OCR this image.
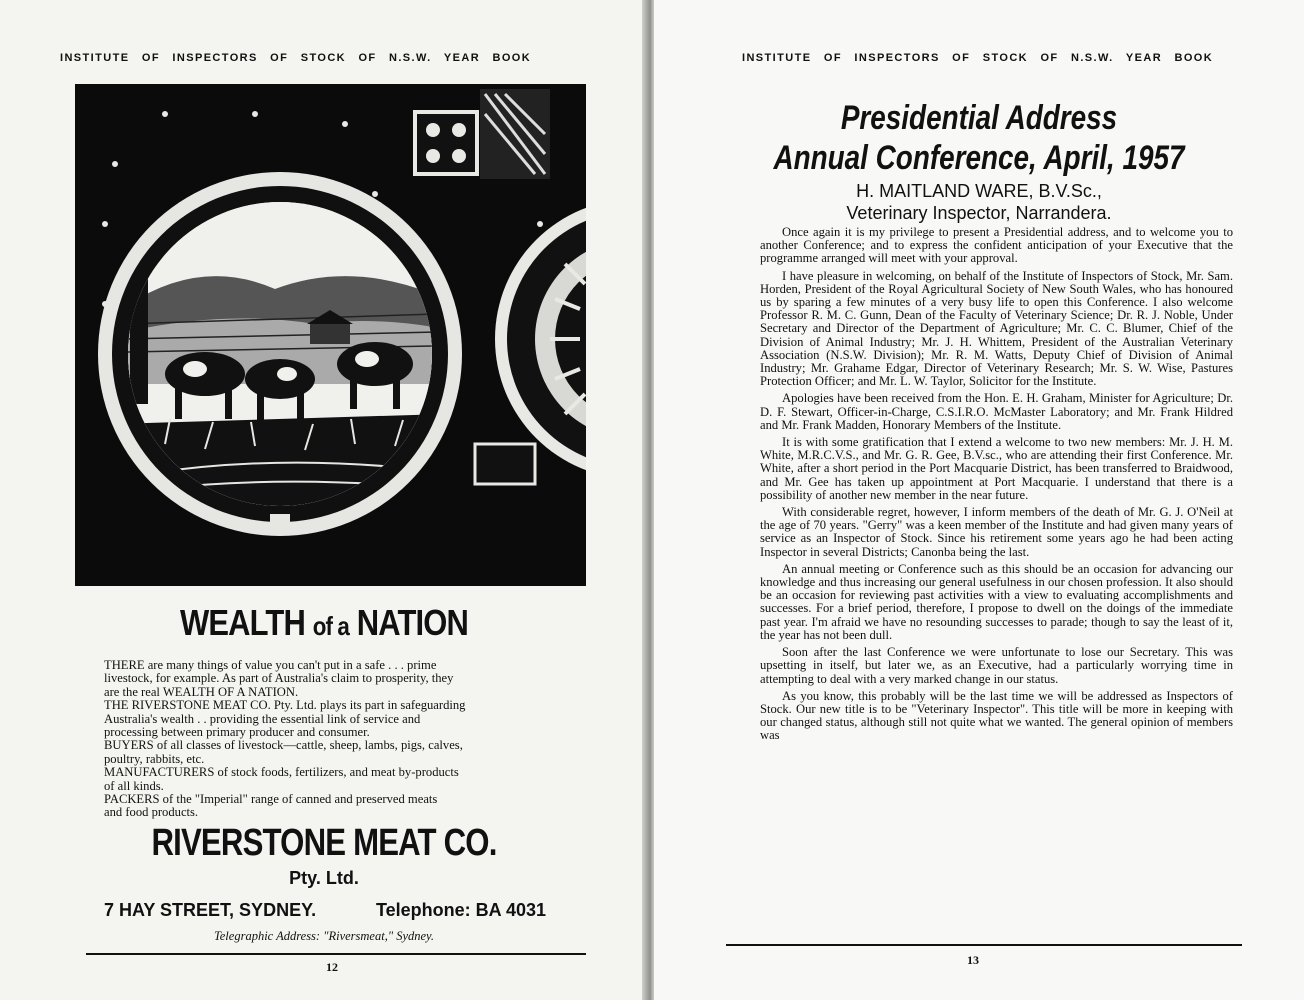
INSTITUTE OF INSPECTORS OF STOCK OF N.S.W. YEAR BOOK
WEALTH of a NATION

THERE are many things of value you can't put in a safe . . . prime

livestock, for example. As part of Australia's claim to prosperity, they

are the real WEALTH OF A NATION.

THE RIVERSTONE MEAT CO. Pty. Ltd. plays its part in safeguarding

Australia's wealth . . providing the essential link of service and

processing between primary producer and consumer.

BUYERS of all classes of livestock—cattle, sheep, lambs, pigs, calves,

poultry, rabbits, etc.

MANUFACTURERS of stock foods, fertilizers, and meat by-products

of all kinds.

PACKERS of the "Imperial" range of canned and preserved meats

and food products.

RIVERSTONE MEAT CO.
Pty. Ltd.
7 HAY STREET, SYDNEY.	Telephone: BA 4031
Telegraphic Address: "Riversmeat," Sydney.
12
INSTITUTE OF INSPECTORS OF STOCK OF N.S.W. YEAR BOOK
Presidential Address
Annual Conference, April, 1957
H. MAITLAND WARE, B.V.Sc.,
Veterinary Inspector, Narrandera.

Once again it is my privilege to present a Presidential address, and to welcome you to another Conference; and to express the confident anticipation of your Executive that the programme arranged will meet with your approval.

I have pleasure in welcoming, on behalf of the Institute of Inspectors of Stock, Mr. Sam. Horden, President of the Royal Agricultural Society of New South Wales, who has honoured us by sparing a few minutes of a very busy life to open this Conference. I also welcome Professor R. M. C. Gunn, Dean of the Faculty of Veterinary Science; Dr. R. J. Noble, Under Secretary and Director of the Department of Agriculture; Mr. C. C. Blumer, Chief of the Division of Animal Industry; Mr. J. H. Whittem, President of the Australian Veterinary Association (N.S.W. Division); Mr. R. M. Watts, Deputy Chief of Division of Animal Industry; Mr. Grahame Edgar, Director of Veterinary Research; Mr. S. W. Wise, Pastures Protection Officer; and Mr. L. W. Taylor, Solicitor for the Institute.

Apologies have been received from the Hon. E. H. Graham, Minister for Agriculture; Dr. D. F. Stewart, Officer-in-Charge, C.S.I.R.O. McMaster Laboratory; and Mr. Frank Hildred and Mr. Frank Madden, Honorary Members of the Institute.

It is with some gratification that I extend a welcome to two new members: Mr. J. H. M. White, M.R.C.V.S., and Mr. G. R. Gee, B.V.sc., who are attending their first Conference. Mr. White, after a short period in the Port Macquarie District, has been transferred to Braidwood, and Mr. Gee has taken up appointment at Port Macquarie. I understand that there is a possibility of another new member in the near future.

With considerable regret, however, I inform members of the death of Mr. G. J. O'Neil at the age of 70 years. "Gerry" was a keen member of the Institute and had given many years of service as an Inspector of Stock. Since his retirement some years ago he had been acting Inspector in several Districts; Canonba being the last.

An annual meeting or Conference such as this should be an occasion for advancing our knowledge and thus increasing our general usefulness in our chosen profession. It also should be an occasion for reviewing past activities with a view to evaluating accomplishments and successes. For a brief period, therefore, I propose to dwell on the doings of the immediate past year. I'm afraid we have no resounding successes to parade; though to say the least of it, the year has not been dull.

Soon after the last Conference we were unfortunate to lose our Secretary. This was upsetting in itself, but later we, as an Executive, had a particularly worrying time in attempting to deal with a very marked change in our status.

As you know, this probably will be the last time we will be addressed as Inspectors of Stock. Our new title is to be "Veterinary Inspector". This title will be more in keeping with our changed status, although still not quite what we wanted. The general opinion of members was

13
